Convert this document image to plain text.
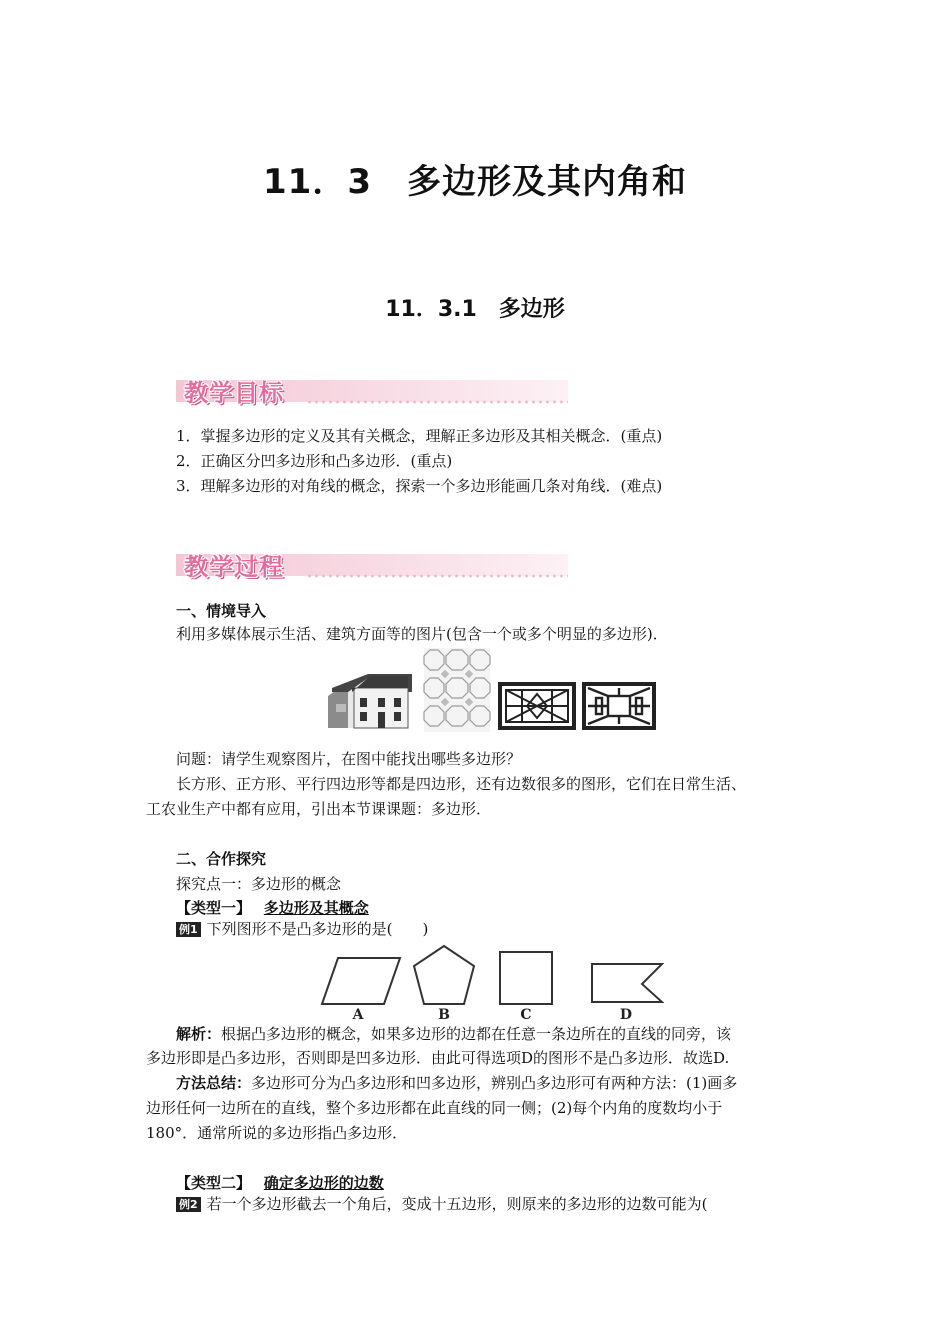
11．3　多边形及其内角和
11．3.1　多边形
教学目标
1．掌握多边形的定义及其有关概念，理解正多边形及其相关概念．(重点)
2．正确区分凹多边形和凸多边形．(重点)
3．理解多边形的对角线的概念，探索一个多边形能画几条对角线．(难点)
教学过程
一、情境导入
利用多媒体展示生活、建筑方面等的图片(包含一个或多个明显的多边形)．
问题：请学生观察图片，在图中能找出哪些多边形？
长方形、正方形、平行四边形等都是四边形，还有边数很多的图形，它们在日常生活、
工农业生产中都有应用，引出本节课课题：多边形．
二、合作探究
探究点一：多边形的概念
【类型一】 多边形及其概念
例1 下列图形不是凸多边形的是(　　)
A	B	C	D
解析：根据凸多边形的概念，如果多边形的边都在任意一条边所在的直线的同旁，该
多边形即是凸多边形，否则即是凹多边形．由此可得选项D的图形不是凸多边形．故选D.
方法总结：多边形可分为凸多边形和凹多边形，辨别凸多边形可有两种方法：(1)画多
边形任何一边所在的直线，整个多边形都在此直线的同一侧；(2)每个内角的度数均小于
180°．通常所说的多边形指凸多边形．
【类型二】 确定多边形的边数
例2 若一个多边形截去一个角后，变成十五边形，则原来的多边形的边数可能为(
